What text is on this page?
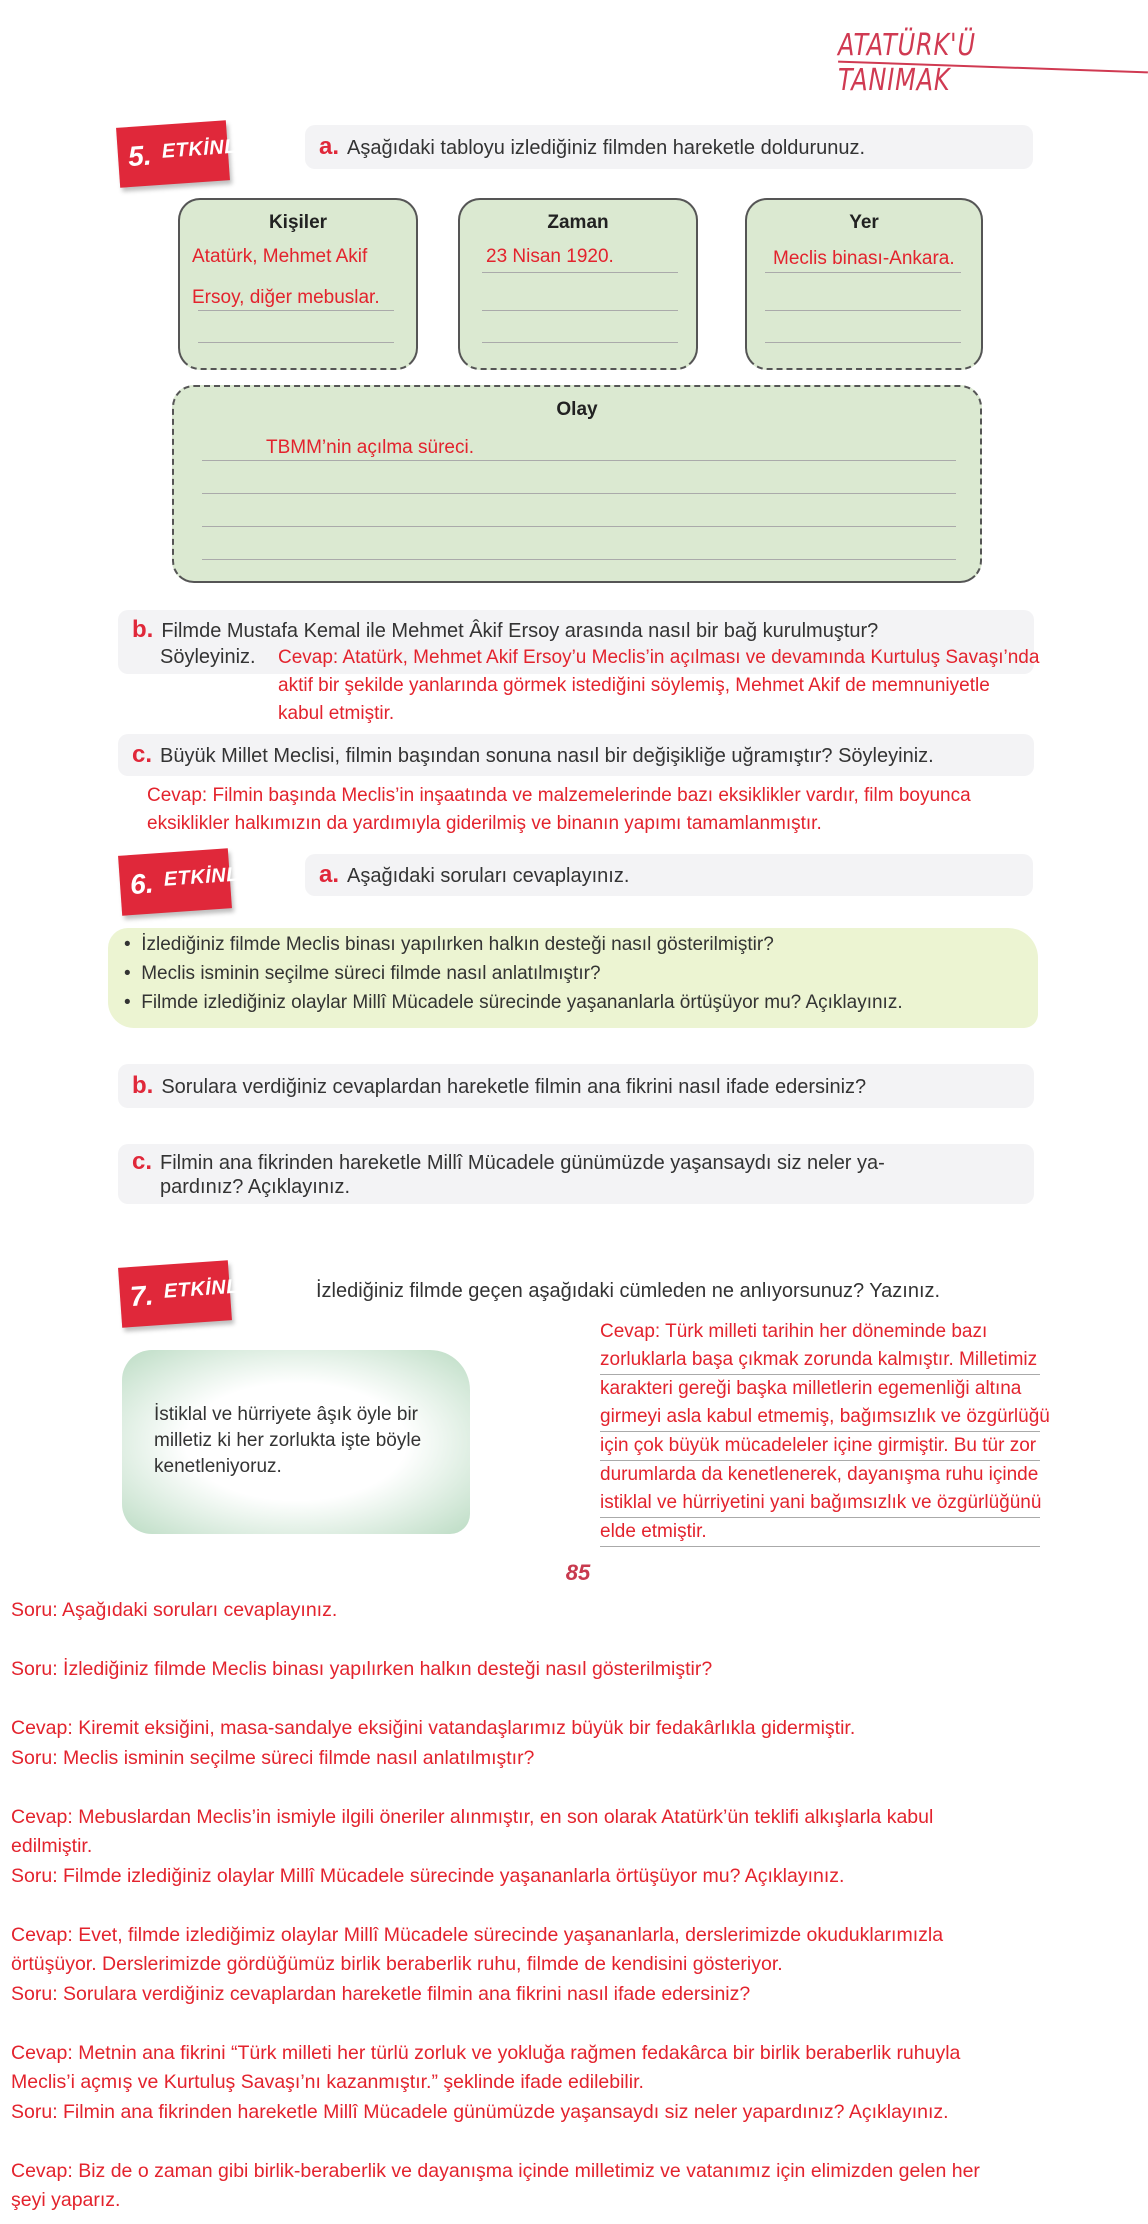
ATATÜRK'Ü TANIMAK
5. ETKİNLİK	a. Aşağıdaki tabloyu izlediğiniz filmden hareketle doldurunuz.
Kişiler
Atatürk, Mehmet Akif
Ersoy, diğer mebuslar.
Zaman
23 Nisan 1920.
Yer
Meclis binası-Ankara.
Olay
TBMM’nin açılma süreci.
b. Filmde Mustafa Kemal ile Mehmet Âkif Ersoy arasında nasıl bir bağ kurulmuştur?
Söyleyiniz. Cevap: Atatürk, Mehmet Akif Ersoy’u Meclis’in açılması ve devamında Kurtuluş Savaşı’nda
aktif bir şekilde yanlarında görmek istediğini söylemiş, Mehmet Akif de memnuniyetle
kabul etmiştir.
c. Büyük Millet Meclisi, filmin başından sonuna nasıl bir değişikliğe uğramıştır? Söyleyiniz.
Cevap: Filmin başında Meclis’in inşaatında ve malzemelerinde bazı eksiklikler vardır, film boyunca
eksiklikler halkımızın da yardımıyla giderilmiş ve binanın yapımı tamamlanmıştır.
6. ETKİNLİK	a. Aşağıdaki soruları cevaplayınız.
•  İzlediğiniz filmde Meclis binası yapılırken halkın desteği nasıl gösterilmiştir?
•  Meclis isminin seçilme süreci filmde nasıl anlatılmıştır?
•  Filmde izlediğiniz olaylar Millî Mücadele sürecinde yaşananlarla örtüşüyor mu? Açıklayınız.
b. Sorulara verdiğiniz cevaplardan hareketle filmin ana fikrini nasıl ifade edersiniz?
c. Filmin ana fikrinden hareketle Millî Mücadele günümüzde yaşansaydı siz neler ya-
pardınız? Açıklayınız.
7. ETKİNLİK	İzlediğiniz filmde geçen aşağıdaki cümleden ne anlıyorsunuz? Yazınız.
İstiklal ve hürriyete âşık öyle bir
milletiz ki her zorlukta işte böyle
kenetleniyoruz.
Cevap: Türk milleti tarihin her döneminde bazı
zorluklarla başa çıkmak zorunda kalmıştır. Milletimiz
karakteri gereği başka milletlerin egemenliği altına
girmeyi asla kabul etmemiş, bağımsızlık ve özgürlüğü
için çok büyük mücadeleler içine girmiştir. Bu tür zor
durumlarda da kenetlenerek, dayanışma ruhu içinde
istiklal ve hürriyetini yani bağımsızlık ve özgürlüğünü
elde etmiştir.
85
Soru: Aşağıdaki soruları cevaplayınız.
Soru: İzlediğiniz filmde Meclis binası yapılırken halkın desteği nasıl gösterilmiştir?
Cevap: Kiremit eksiğini, masa-sandalye eksiğini vatandaşlarımız büyük bir fedakârlıkla gidermiştir.
Soru: Meclis isminin seçilme süreci filmde nasıl anlatılmıştır?
Cevap: Mebuslardan Meclis’in ismiyle ilgili öneriler alınmıştır, en son olarak Atatürk’ün teklifi alkışlarla kabul
edilmiştir.
Soru: Filmde izlediğiniz olaylar Millî Mücadele sürecinde yaşananlarla örtüşüyor mu? Açıklayınız.
Cevap: Evet, filmde izlediğimiz olaylar Millî Mücadele sürecinde yaşananlarla, derslerimizde okuduklarımızla
örtüşüyor. Derslerimizde gördüğümüz birlik beraberlik ruhu, filmde de kendisini gösteriyor.
Soru: Sorulara verdiğiniz cevaplardan hareketle filmin ana fikrini nasıl ifade edersiniz?
Cevap: Metnin ana fikrini “Türk milleti her türlü zorluk ve yokluğa rağmen fedakârca bir birlik beraberlik ruhuyla
Meclis’i açmış ve Kurtuluş Savaşı’nı kazanmıştır.” şeklinde ifade edilebilir.
Soru: Filmin ana fikrinden hareketle Millî Mücadele günümüzde yaşansaydı siz neler yapardınız? Açıklayınız.
Cevap: Biz de o zaman gibi birlik-beraberlik ve dayanışma içinde milletimiz ve vatanımız için elimizden gelen her
şeyi yaparız.
